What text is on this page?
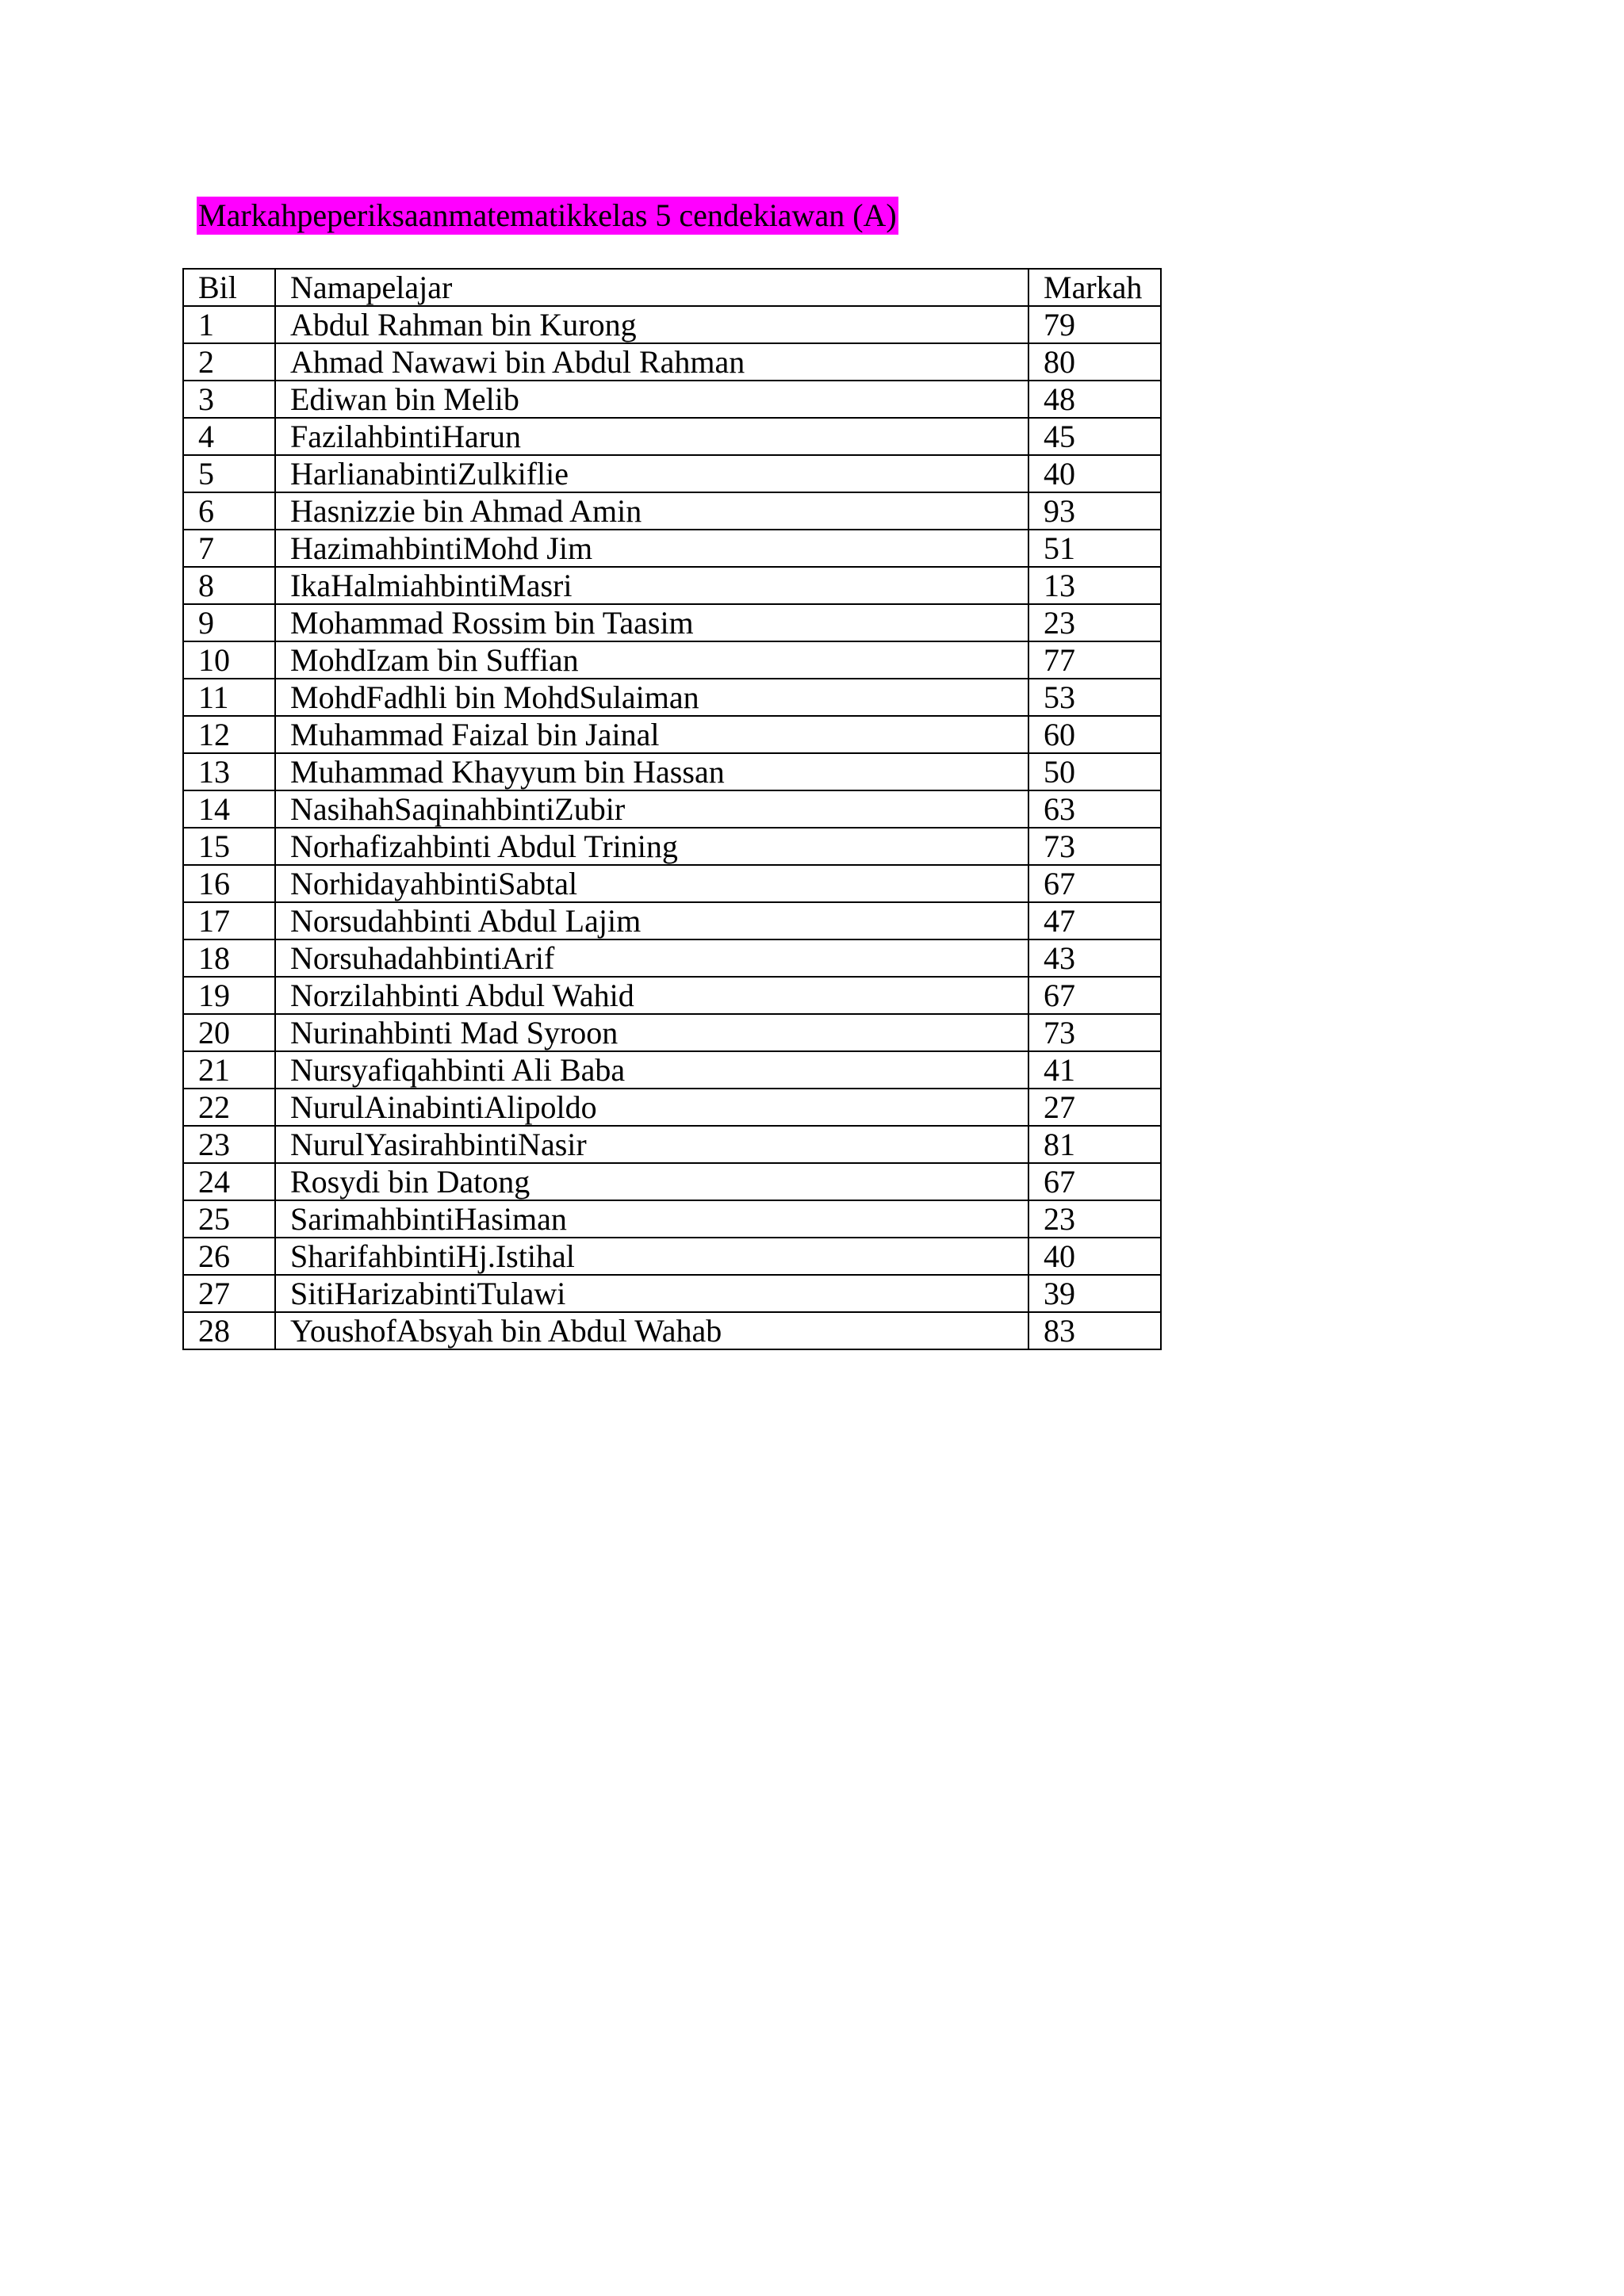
Markahpeperiksaanmatematikkelas 5 cendekiawan (A)
Bil	Namapelajar	Markah
1	Abdul Rahman bin Kurong	79
2	Ahmad Nawawi bin Abdul Rahman	80
3	Ediwan bin Melib	48
4	FazilahbintiHarun	45
5	HarlianabintiZulkiflie	40
6	Hasnizzie bin Ahmad Amin	93
7	HazimahbintiMohd Jim	51
8	IkaHalmiahbintiMasri	13
9	Mohammad Rossim bin Taasim	23
10	MohdIzam bin Suffian	77
11	MohdFadhli bin MohdSulaiman	53
12	Muhammad Faizal bin Jainal	60
13	Muhammad Khayyum bin Hassan	50
14	NasihahSaqinahbintiZubir	63
15	Norhafizahbinti Abdul Trining	73
16	NorhidayahbintiSabtal	67
17	Norsudahbinti Abdul Lajim	47
18	NorsuhadahbintiArif	43
19	Norzilahbinti Abdul Wahid	67
20	Nurinahbinti Mad Syroon	73
21	Nursyafiqahbinti Ali Baba	41
22	NurulAinabintiAlipoldo	27
23	NurulYasirahbintiNasir	81
24	Rosydi bin Datong	67
25	SarimahbintiHasiman	23
26	SharifahbintiHj.Istihal	40
27	SitiHarizabintiTulawi	39
28	YoushofAbsyah bin Abdul Wahab	83
